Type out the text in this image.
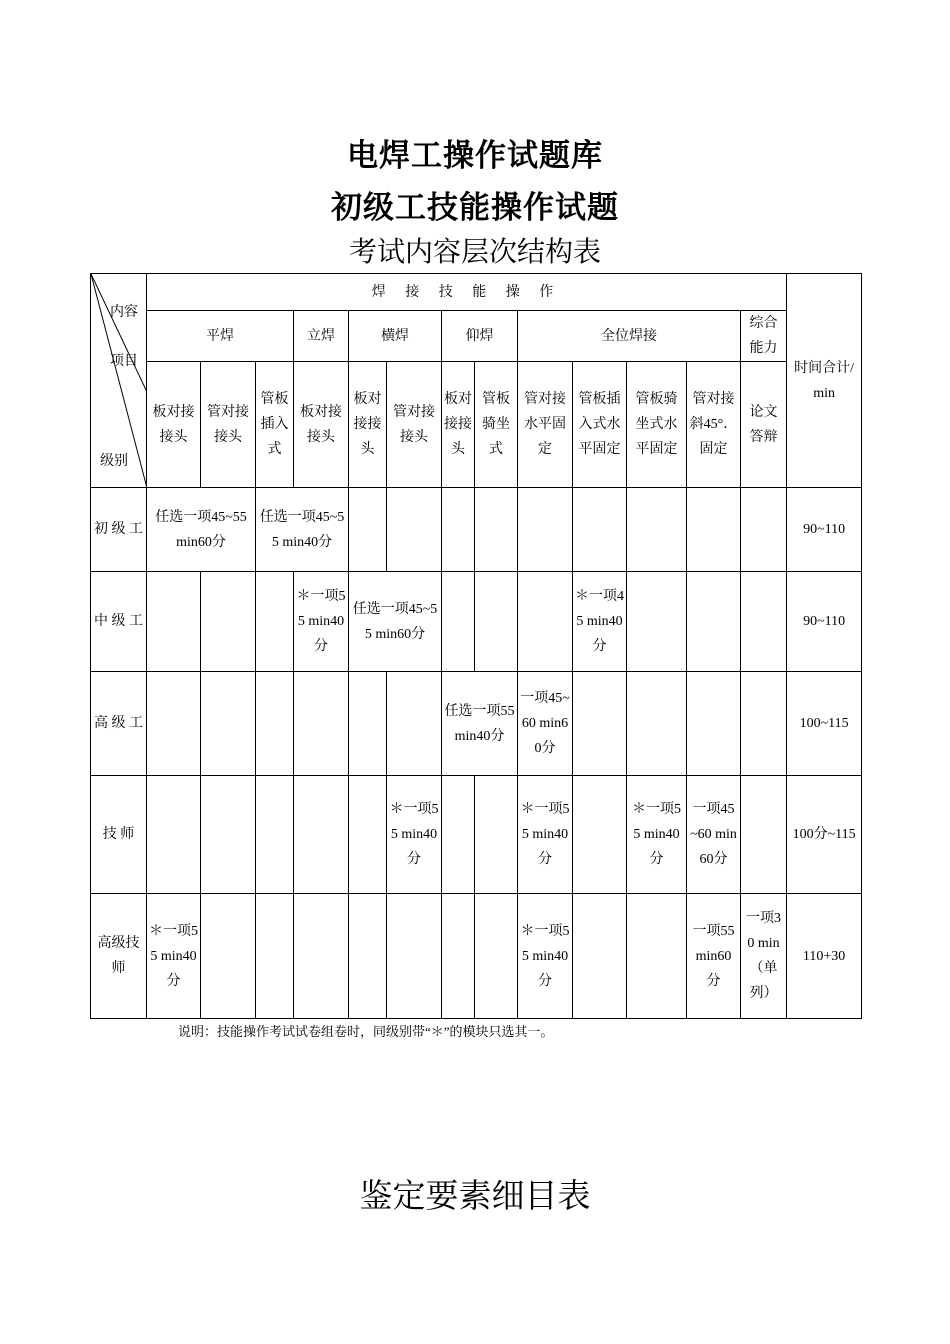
电焊工操作试题库
初级工技能操作试题
考试内容层次结构表
内容
项目
级别	焊 接 技 能 操 作													时间合计/min
	平焊			立焊	横焊		仰焊		全位焊接				综合能力	
	板对接接头	管对接接头	管板插入式	板对接接头	板对接接头	管对接接头	板对接接头	管板骑坐式	管对接水平固定	管板插入式水平固定	管板骑坐式水平固定	管对接斜45°．固定	论文答辩	
初 级 工	任选一项45~55 min60分		任选一项45~55 min40分											90~110
中 级 工				＊一项55 min40分	任选一项45~55 min60分					＊一项45 min40分				90~110
高 级 工							任选一项55 min40分		一项45~60 min60分					100~115
技 师						＊一项55 min40分			＊一项55 min40分		＊一项55 min40分	一项45~60 min60分		100分~115
高级技师	＊一项55 min40分								＊一项55 min40分			一项55 min60分	一项30 min（单列）	110+30
说明：技能操作考试试卷组卷时，同级别带“＊”的模块只选其一。
鉴定要素细目表
